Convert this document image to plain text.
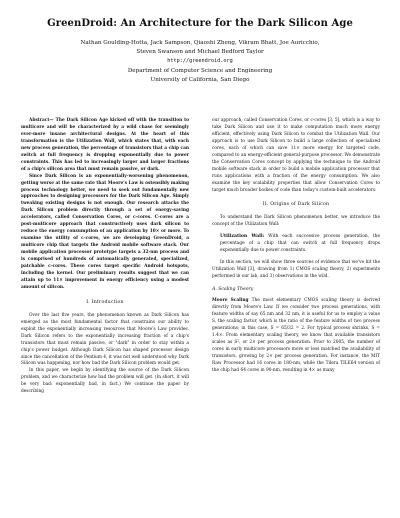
GreenDroid: An Architecture for the Dark Silicon Age
Nathan Goulding-Hotta, Jack Sampson, Qiaoshi Zheng, Vikram Bhatt, Joe Auricchio,
Steven Swanson and Michael Bedford Taylor
http://greendroid.org
Department of Computer Science and Engineering
University of California, San Diego

Abstract— The Dark Silicon Age kicked off with the transition to multicore and will be characterized by a wild chase for seemingly ever-more insane architectural designs. At the heart of this transformation is the Utilization Wall, which states that, with each new process generation, the percentage of transistors that a chip can switch at full frequency is dropping exponentially due to power constraints. This has led to increasingly larger and larger fractions of a chip's silicon area that must remain passive, or dark.

Since Dark Silicon is an exponentially-worsening phenomenon, getting worse at the same rate that Moore's Law is ostensibly making process technology better, we need to seek out fundamentally new approaches to designing processors for the Dark Silicon Age. Simply tweaking existing designs is not enough. Our research attacks the Dark Silicon problem directly through a set of energy-saving accelerators, called Conservation Cores, or c-cores. C-cores are a post-multicore approach that constructively uses dark silicon to reduce the energy consumption of an application by 10× or more. To examine the utility of c-cores, we are developing GreenDroid, a multicore chip that targets the Android mobile software stack. Our mobile application processor prototype targets a 32-nm process and is comprised of hundreds of automatically generated, specialized, patchable c-cores. These cores target specific Android hotspots, including the kernel. Our preliminary results suggest that we can attain up to 11× improvement in energy efficiency using a modest amount of silicon.

I. Introduction

Over the last five years, the phenomenon known as Dark Silicon has emerged as the most fundamental factor that constrains our ability to exploit the exponentially increasing resources that Moore's Law provides. Dark Silicon refers to the exponentially increasing fraction of a chip's transistors that must remain passive, or "dark" in order to stay within a chip's power budget. Although Dark Silicon has shaped processor design since the cancellation of the Pentium 4, it was not well understood why Dark Silicon was happening, nor how bad the Dark Silicon problem would get.

In this paper, we begin by identifying the source of the Dark Silicon problem, and we characterize how bad the problem will get. (In short, it will be very bad: exponentially bad, in fact.) We continue the paper by describing

our approach, called Conservation Cores, or c-cores [3, 5], which is a way to take Dark Silicon and use it to make computation much more energy efficient, effectively using Dark Silicon to combat the Utilization Wall. Our approach is to use Dark Silicon to build a large collection of specialized cores, each of which can save 11× more energy for targeted code, compared to an energy-efficient general-purpose processor. We demonstrate the Conservation Cores concept by applying the technique to the Android mobile software stack in order to build a mobile application processor that runs applications with a fraction of the energy consumption. We also examine the key scalability properties that allow Conservation Cores to target much broader bodies of code than today's custom-built accelerators.

II. Origins of Dark Silicon

To understand the Dark Silicon phenomenon better, we introduce the concept of the Utilization Wall:

Utilization Wall: With each successive process generation, the percentage of a chip that can switch at full frequency drops exponentially due to power constraints.

In this section, we will show three sources of evidence that we've hit the Utilization Wall [3], drawing from 1) CMOS scaling theory, 2) experiments performed in our lab, and 3) observations in the wild.

A. Scaling Theory

Moore Scaling The most elementary CMOS scaling theory is derived directly from Moore's Law. If we consider two process generations, with feature widths of say 65 nm and 32 nm, it is useful for us to employ a value S, the scaling factor, which is the ratio of the feature widths of two process generations; in this case, S = 65/32 = 2. For typical process shrinks, S = 1.4×. From elementary scaling theory, we know that available transistors scales as S², or 2× per process generation. Prior to 2005, the number of cores in early multicore processors more or less matched the availability of transistors, growing by 2× per process generation. For instance, the MIT Raw Processor had 16 cores in 180-nm, while the Tilera TILE64 version of the chip had 64 cores in 90-nm, resulting in 4× as many
